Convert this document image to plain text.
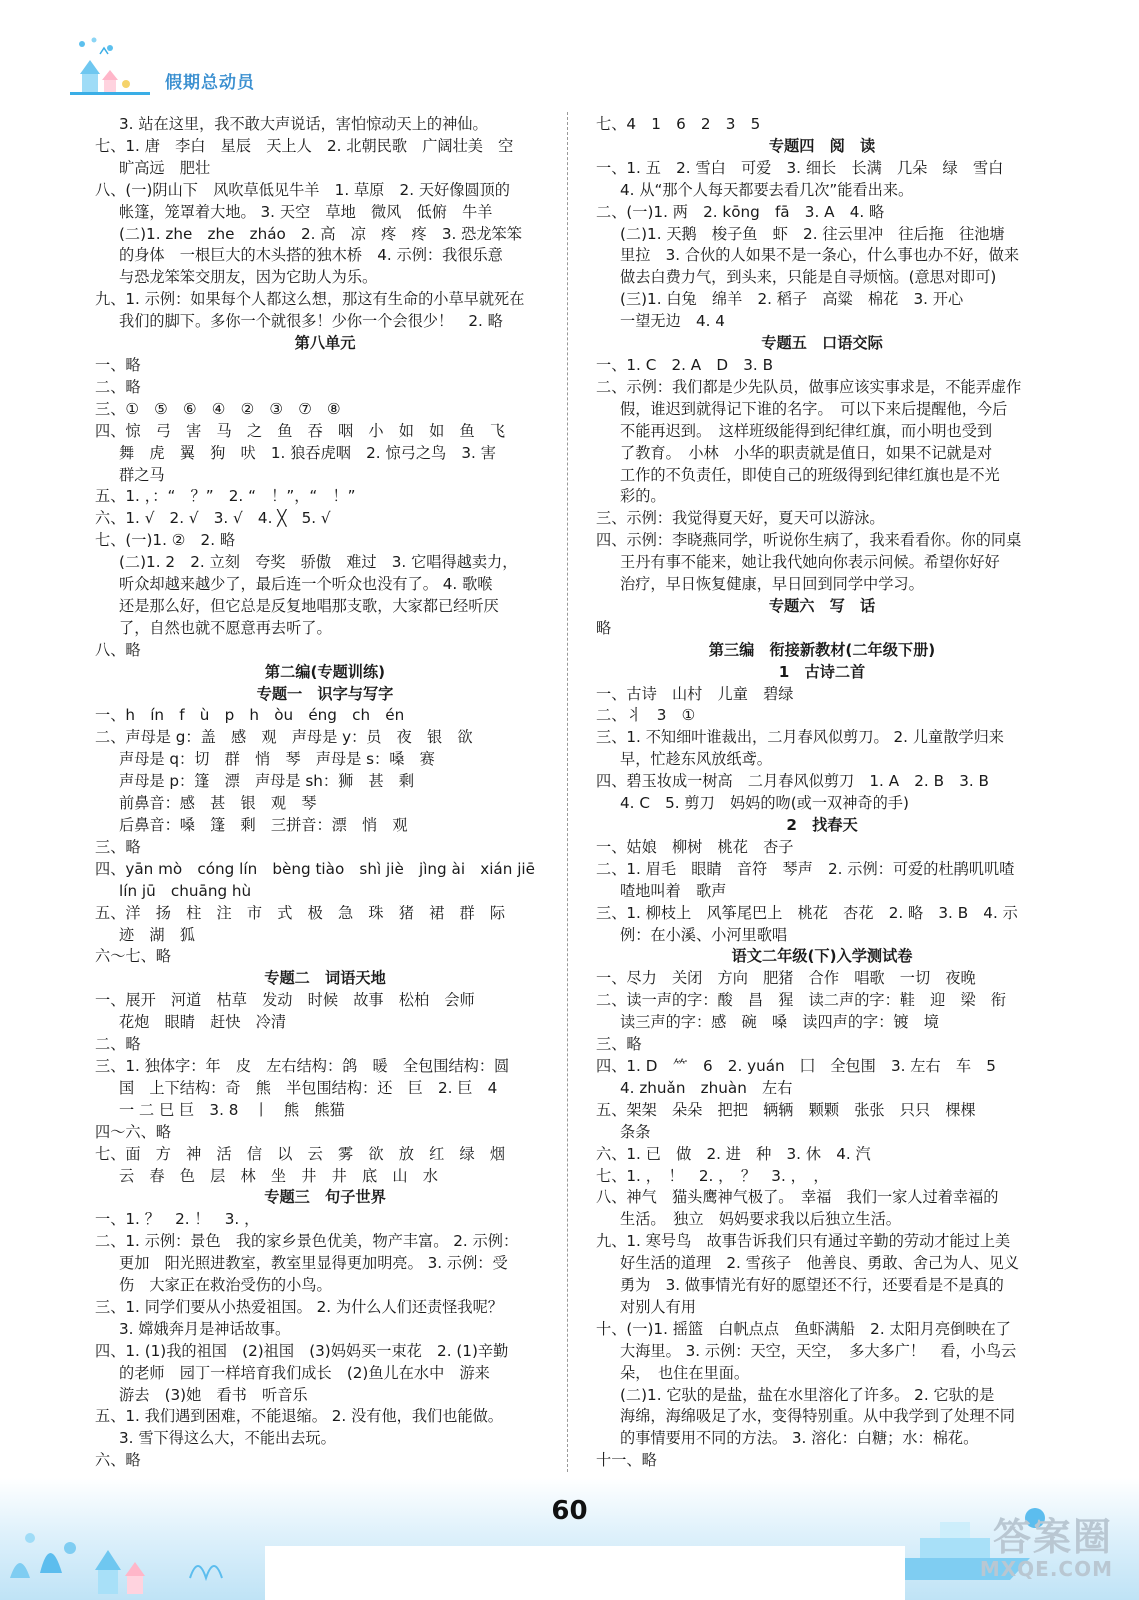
假期总动员
3. 站在这里，我不敢大声说话，害怕惊动天上的神仙。
七、1. 唐　李白　星辰　天上人　2. 北朝民歌　广阔壮美　空
旷高远　肥壮
八、(一)阴山下　风吹草低见牛羊　1. 草原　2. 天好像圆顶的
帐篷，笼罩着大地。 3. 天空　草地　微风　低俯　牛羊
(二)1. zhe　zhe　zháo　2. 高　凉　疼　疼　3. 恐龙笨笨
的身体　一根巨大的木头搭的独木桥　4. 示例：我很乐意
与恐龙笨笨交朋友，因为它助人为乐。
九、1. 示例：如果每个人都这么想，那这有生命的小草早就死在
我们的脚下。多你一个就很多！少你一个会很少！　2. 略
第八单元
一、略
二、略
三、①　⑤　⑥　④　②　③　⑦　⑧
四、惊　弓　害　马　之　鱼　吞　咽　小　如　如　鱼　飞
舞　虎　翼　狗　吠　1. 狼吞虎咽　2. 惊弓之鸟　3. 害
群之马
五、1. ，：“　？”　2. “　！”，“　！”
六、1. √　2. √　3. √　4. ╳　5. √
七、(一)1. ②　2. 略
(二)1. 2　2. 立刻　夸奖　骄傲　难过　3. 它唱得越卖力，
听众却越来越少了，最后连一个听众也没有了。 4. 歌喉
还是那么好，但它总是反复地唱那支歌，大家都已经听厌
了，自然也就不愿意再去听了。
八、略
第二编(专题训练)
专题一　识字与写字
一、h　ín　f　ù　p　h　òu　éng　ch　én
二、声母是 g：盖　感　观　声母是 y：员　夜　银　欲
声母是 q：切　群　悄　琴　声母是 s：嗓　赛
声母是 p：篷　漂　声母是 sh：狮　甚　剩
前鼻音：感　甚　银　观　琴
后鼻音：嗓　篷　剩　三拼音：漂　悄　观
三、略
四、yān mò　cóng lín　bèng tiào　shì jiè　jìng ài　xián jiē
lín jū　chuāng hù
五、洋　扬　柱　注　市　式　极　急　珠　猪　裙　群　际
迹　湖　狐
六～七、略
专题二　词语天地
一、展开　河道　枯草　发动　时候　故事　松柏　会师
花炮　眼睛　赶快　冷清
二、略
三、1. 独体字：年　皮　左右结构：鸽　暖　全包围结构：圆
国　上下结构：奇　熊　半包围结构：还　巨　2. 巨　4
一 ⼆ 巳 巨　3. 8　丨　熊　熊猫
四～六、略
七、面　方　神　活　信　以　云　雾　欲　放　红　绿　烟
云　春　色　层　林　坐　井　井　底　山　水
专题三　句子世界
一、1. ？　2. ！　3. ，
二、1. 示例：景色　我的家乡景色优美，物产丰富。 2. 示例：
更加　阳光照进教室，教室里显得更加明亮。 3. 示例：受
伤　大家正在救治受伤的小鸟。
三、1. 同学们要从小热爱祖国。 2. 为什么人们还责怪我呢？
3. 嫦娥奔月是神话故事。
四、1. (1)我的祖国　(2)祖国　(3)妈妈买一束花　2. (1)辛勤
的老师　园丁一样培育我们成长　(2)鱼儿在水中　游来
游去　(3)她　看书　听音乐
五、1. 我们遇到困难，不能退缩。 2. 没有他，我们也能做。
3. 雪下得这么大，不能出去玩。
六、略
七、4　1　6　2　3　5
专题四　阅　读
一、1. 五　2. 雪白　可爱　3. 细长　长满　几朵　绿　雪白
4. 从“那个人每天都要去看几次”能看出来。
二、(一)1. 两　2. kōng　fā　3. A　4. 略
(二)1. 天鹅　梭子鱼　虾　2. 往云里冲　往后拖　往池塘
里拉　3. 合伙的人如果不是一条心，什么事也办不好，做来
做去白费力气，到头来，只能是自寻烦恼。(意思对即可)
(三)1. 白兔　绵羊　2. 稻子　高粱　棉花　3. 开心
一望无边　4. 4
专题五　口语交际
一、1. C　2. A　D　3. B
二、示例：我们都是少先队员，做事应该实事求是，不能弄虚作
假，谁迟到就得记下谁的名字。　可以下来后提醒他，今后
不能再迟到。　这样班级能得到纪律红旗，而小明也受到
了教育。　小林　小华的职责就是值日，如果不记就是对
工作的不负责任，即使自己的班级得到纪律红旗也是不光
彩的。
三、示例：我觉得夏天好，夏天可以游泳。
四、示例：李晓燕同学，听说你生病了，我来看看你。你的同桌
王丹有事不能来，她让我代她向你表示问候。希望你好好
治疗，早日恢复健康，早日回到同学中学习。
专题六　写　话
略
第三编　衔接新教材(二年级下册)
1　古诗二首
一、古诗　山村　儿童　碧绿
二、丬　3　①
三、1. 不知细叶谁裁出，二月春风似剪刀。 2. 儿童散学归来
早，忙趁东风放纸鸢。
四、碧玉妆成一树高　二月春风似剪刀　1. A　2. B　3. B
4. C　5. 剪刀　妈妈的吻(或一双神奇的手)
2　找春天
一、姑娘　柳树　桃花　杏子
二、1. 眉毛　眼睛　音符　琴声　2. 示例：可爱的杜鹃叽叽喳
喳地叫着　歌声
三、1. 柳枝上　风筝尾巴上　桃花　杏花　2. 略　3. B　4. 示
例：在小溪、小河里歌唱
语文二年级(下)入学测试卷
一、尽力　关闭　方向　肥猪　合作　唱歌　一切　夜晚
二、读一声的字：酸　昌　猩　读二声的字：鞋　迎　梁　衔
读三声的字：感　碗　嗓　读四声的字：镀　境
三、略
四、1. D　⺮　6　2. yuán　囗　全包围　3. 左右　车　5
4. zhuǎn　zhuàn　左右
五、架架　朵朵　把把　辆辆　颗颗　张张　只只　棵棵
条条
六、1. 已　做　2. 进　种　3. 休　4. 汽
七、1. ，　！　2. ，　？　3. ，　，
八、神气　猫头鹰神气极了。　幸福　我们一家人过着幸福的
生活。　独立　妈妈要求我以后独立生活。
九、1. 寒号鸟　故事告诉我们只有通过辛勤的劳动才能过上美
好生活的道理　2. 雪孩子　他善良、勇敢、舍己为人、见义
勇为　3. 做事情光有好的愿望还不行，还要看是不是真的
对别人有用
十、(一)1. 摇篮　白帆点点　鱼虾满船　2. 太阳月亮倒映在了
大海里。 3. 示例：天空，天空，　多大多广！　看，小鸟云
朵，　也住在里面。
(二)1. 它驮的是盐，盐在水里溶化了许多。 2. 它驮的是
海绵，海绵吸足了水，变得特别重。从中我学到了处理不同
的事情要用不同的方法。 3. 溶化：白糖；水：棉花。
十一、略
60
答案圈
MXQE.COM
